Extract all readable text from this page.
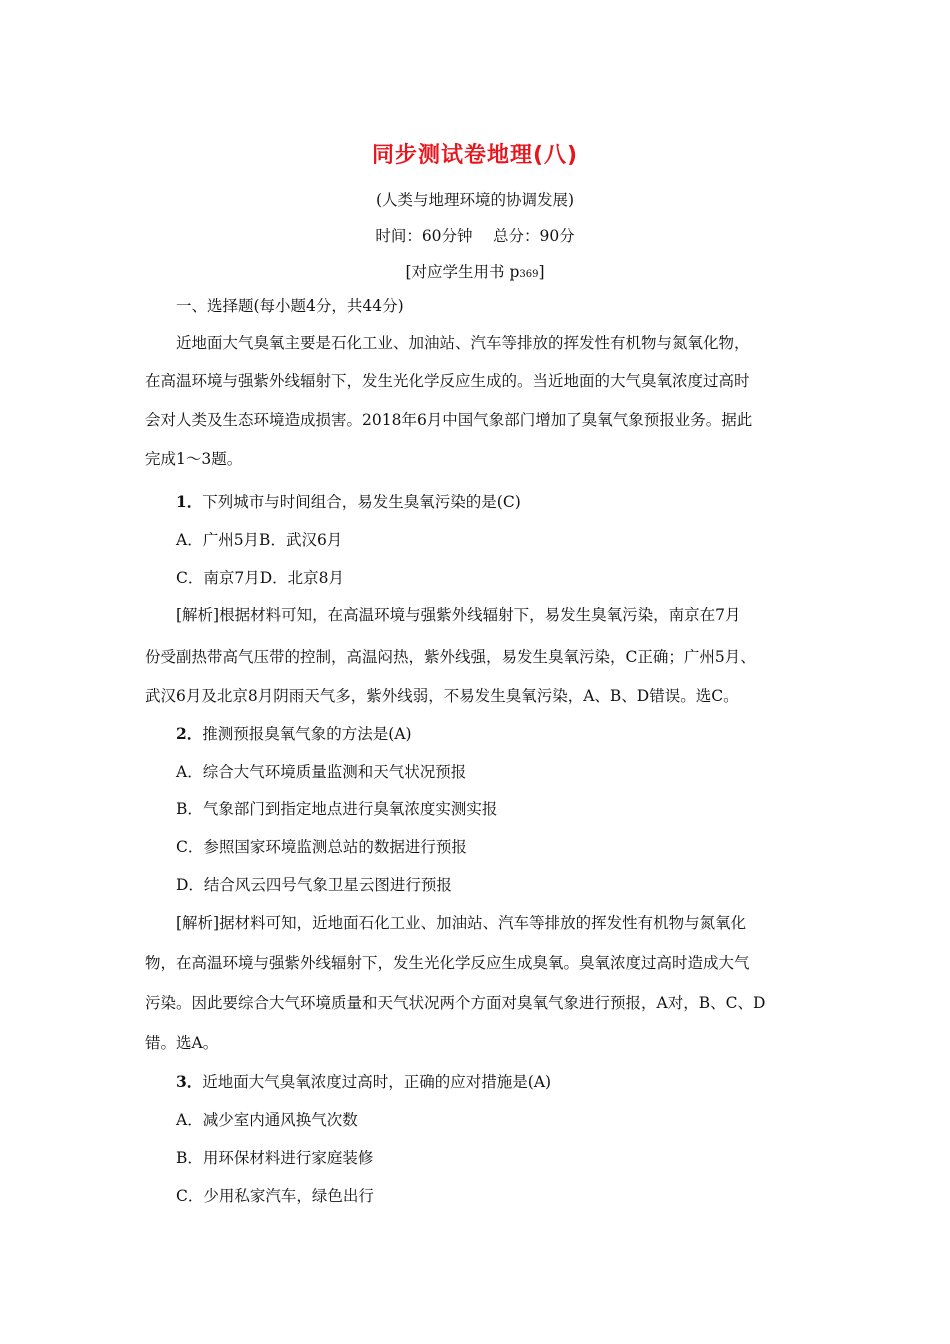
同步测试卷地理(八)
(人类与地理环境的协调发展)
时间：60分钟　 总分：90分
[对应学生用书 p369]
一、选择题(每小题4分，共44分)
近地面大气臭氧主要是石化工业、加油站、汽车等排放的挥发性有机物与氮氧化物，
在高温环境与强紫外线辐射下，发生光化学反应生成的。当近地面的大气臭氧浓度过高时
会对人类及生态环境造成损害。2018年6月中国气象部门增加了臭氧气象预报业务。据此
完成1～3题。
1．下列城市与时间组合，易发生臭氧污染的是(C)
A．广州5月B．武汉6月
C．南京7月D．北京8月
[解析]根据材料可知，在高温环境与强紫外线辐射下，易发生臭氧污染，南京在7月
份受副热带高气压带的控制，高温闷热，紫外线强，易发生臭氧污染，C正确；广州5月、
武汉6月及北京8月阴雨天气多，紫外线弱，不易发生臭氧污染，A、B、D错误。选C。
2．推测预报臭氧气象的方法是(A)
A．综合大气环境质量监测和天气状况预报
B．气象部门到指定地点进行臭氧浓度实测实报
C．参照国家环境监测总站的数据进行预报
D．结合风云四号气象卫星云图进行预报
[解析]据材料可知，近地面石化工业、加油站、汽车等排放的挥发性有机物与氮氧化
物，在高温环境与强紫外线辐射下，发生光化学反应生成臭氧。臭氧浓度过高时造成大气
污染。因此要综合大气环境质量和天气状况两个方面对臭氧气象进行预报，A对，B、C、D
错。选A。
3．近地面大气臭氧浓度过高时，正确的应对措施是(A)
A．减少室内通风换气次数
B．用环保材料进行家庭装修
C．少用私家汽车，绿色出行
